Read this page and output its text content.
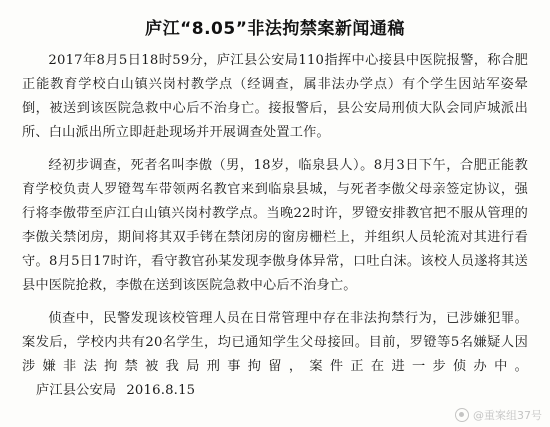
庐江“8.05”非法拘禁案新闻通稿

2017年8月5日18时59分，庐江县公安局110指挥中心接县中医院报警，称合肥正能教育学校白山镇兴岗村教学点（经调查，属非法办学点）有个学生因站军姿晕倒，被送到该医院急救中心后不治身亡。接报警后，县公安局刑侦大队会同庐城派出所、白山派出所立即赶赴现场并开展调查处置工作。

经初步调查，死者名叫李傲（男，18岁，临泉县人）。8月3日下午，合肥正能教育学校负责人罗镫驾车带领两名教官来到临泉县城，与死者李傲父母亲签定协议，强行将李傲带至庐江白山镇兴岗村教学点。当晚22时许，罗镫安排教官把不服从管理的李傲关禁闭房，期间将其双手铐在禁闭房的窗房栅栏上，并组织人员轮流对其进行看守。8月5日17时许，看守教官孙某发现李傲身体异常，口吐白沫。该校人员遂将其送县中医院抢救，李傲在送到该医院急救中心后不治身亡。

侦查中，民警发现该校管理人员在日常管理中存在非法拘禁行为，已涉嫌犯罪。案发后，学校内共有20名学生，均已通知学生父母接回。目前，罗镫等5名嫌疑人因涉嫌非法拘禁被我局刑事拘留，案件正在进一步侦办中。庐江县公安局 2016.8.15

@重案组37号
